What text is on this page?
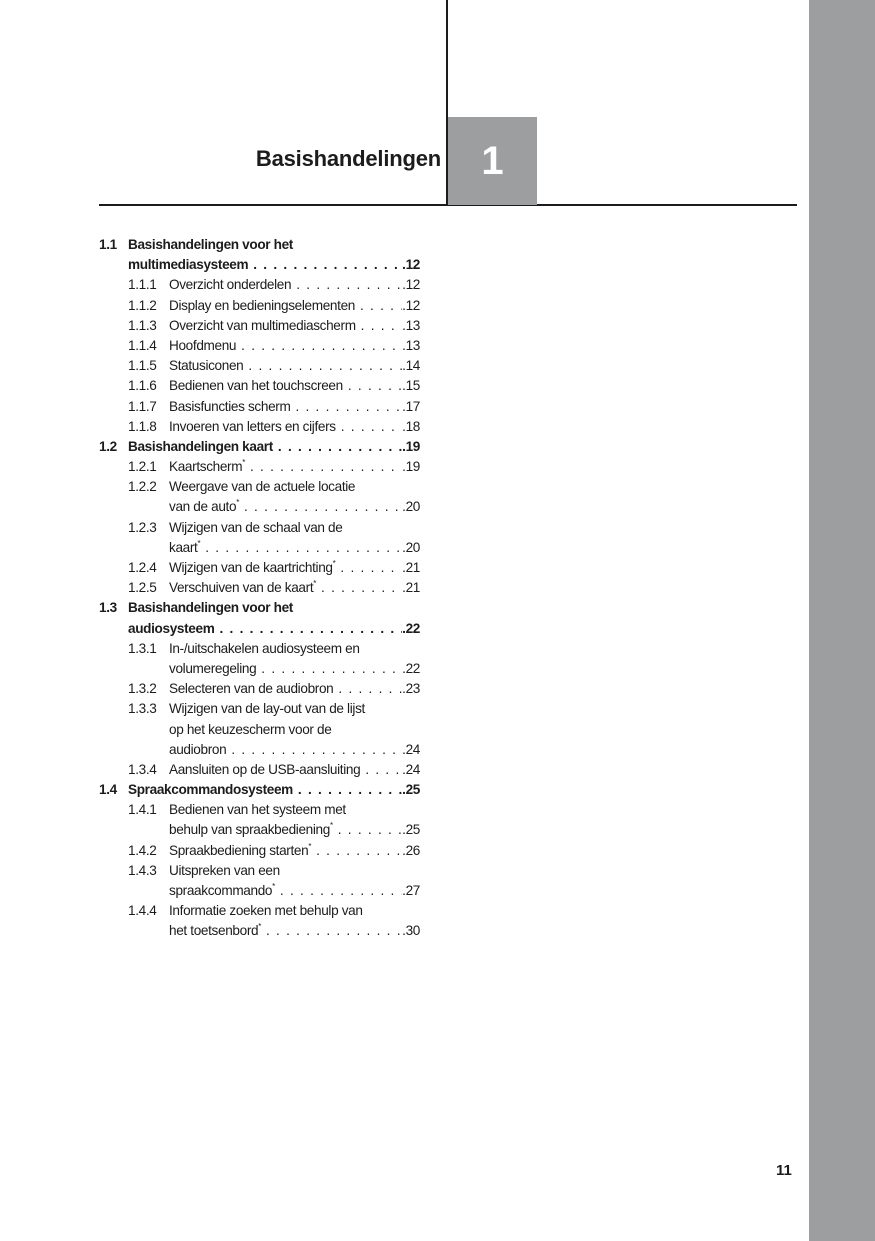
Basishandelingen 1
1.1 Basishandelingen voor het
multimediasysteem . . .	.12
1.1.1 Overzicht onderdelen . . .	.12
1.1.2 Display en bedieningselementen . . .	.12
1.1.3 Overzicht van multimediascherm . . .	.13
1.1.4 Hoofdmenu . . .	.13
1.1.5 Statusiconen . . .	.14
1.1.6 Bedienen van het touchscreen . . .	.15
1.1.7 Basisfuncties scherm . . .	.17
1.1.8 Invoeren van letters en cijfers . . .	.18
1.2 Basishandelingen kaart . . .	.19
1.2.1 Kaartscherm* . . .	.19
1.2.2 Weergave van de actuele locatie
van de auto* . . .	.20
1.2.3 Wijzigen van de schaal van de
kaart* . . .	.20
1.2.4 Wijzigen van de kaartrichting* . . .	.21
1.2.5 Verschuiven van de kaart* . . .	.21
1.3 Basishandelingen voor het
audiosysteem . . .	.22
1.3.1 In-/uitschakelen audiosysteem en
volumeregeling . . .	.22
1.3.2 Selecteren van de audiobron . . .	.23
1.3.3 Wijzigen van de lay-out van de lijst
op het keuzescherm voor de
audiobron . . .	.24
1.3.4 Aansluiten op de USB-aansluiting . . .	.24
1.4 Spraakcommandosysteem . . .	.25
1.4.1 Bedienen van het systeem met
behulp van spraakbediening* . . .	.25
1.4.2 Spraakbediening starten* . . .	.26
1.4.3 Uitspreken van een
spraakcommando* . . .	.27
1.4.4 Informatie zoeken met behulp van
het toetsenbord* . . .	.30
11
